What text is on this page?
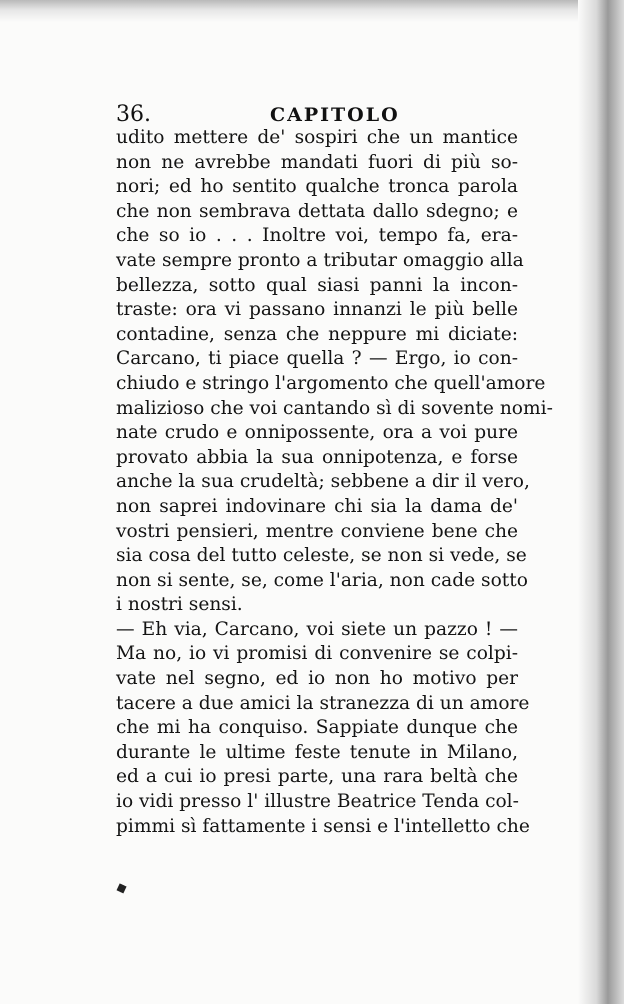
36.	CAPITOLO
udito mettere de' sospiri che un mantice
non ne avrebbe mandati fuori di più so-
nori; ed ho sentito qualche tronca parola
che non sembrava dettata dallo sdegno; e
che so io . . . Inoltre voi, tempo fa, era-
vate sempre pronto a tributar omaggio alla
bellezza, sotto qual siasi panni la incon-
traste: ora vi passano innanzi le più belle
contadine, senza che neppure mi diciate:
Carcano, ti piace quella ? — Ergo, io con-
chiudo e stringo l'argomento che quell'amore
malizioso che voi cantando sì di sovente nomi-
nate crudo e onnipossente, ora a voi pure
provato abbia la sua onnipotenza, e forse
anche la sua crudeltà; sebbene a dir il vero,
non saprei indovinare chi sia la dama de'
vostri pensieri, mentre conviene bene che
sia cosa del tutto celeste, se non si vede, se
non si sente, se, come l'aria, non cade sotto
i nostri sensi.
— Eh via, Carcano, voi siete un pazzo ! —
Ma no, io vi promisi di convenire se colpi-
vate nel segno, ed io non ho motivo per
tacere a due amici la stranezza di un amore
che mi ha conquiso. Sappiate dunque che
durante le ultime feste tenute in Milano,
ed a cui io presi parte, una rara beltà che
io vidi presso l' illustre Beatrice Tenda col-
pimmi sì fattamente i sensi e l'intelletto che
◆
